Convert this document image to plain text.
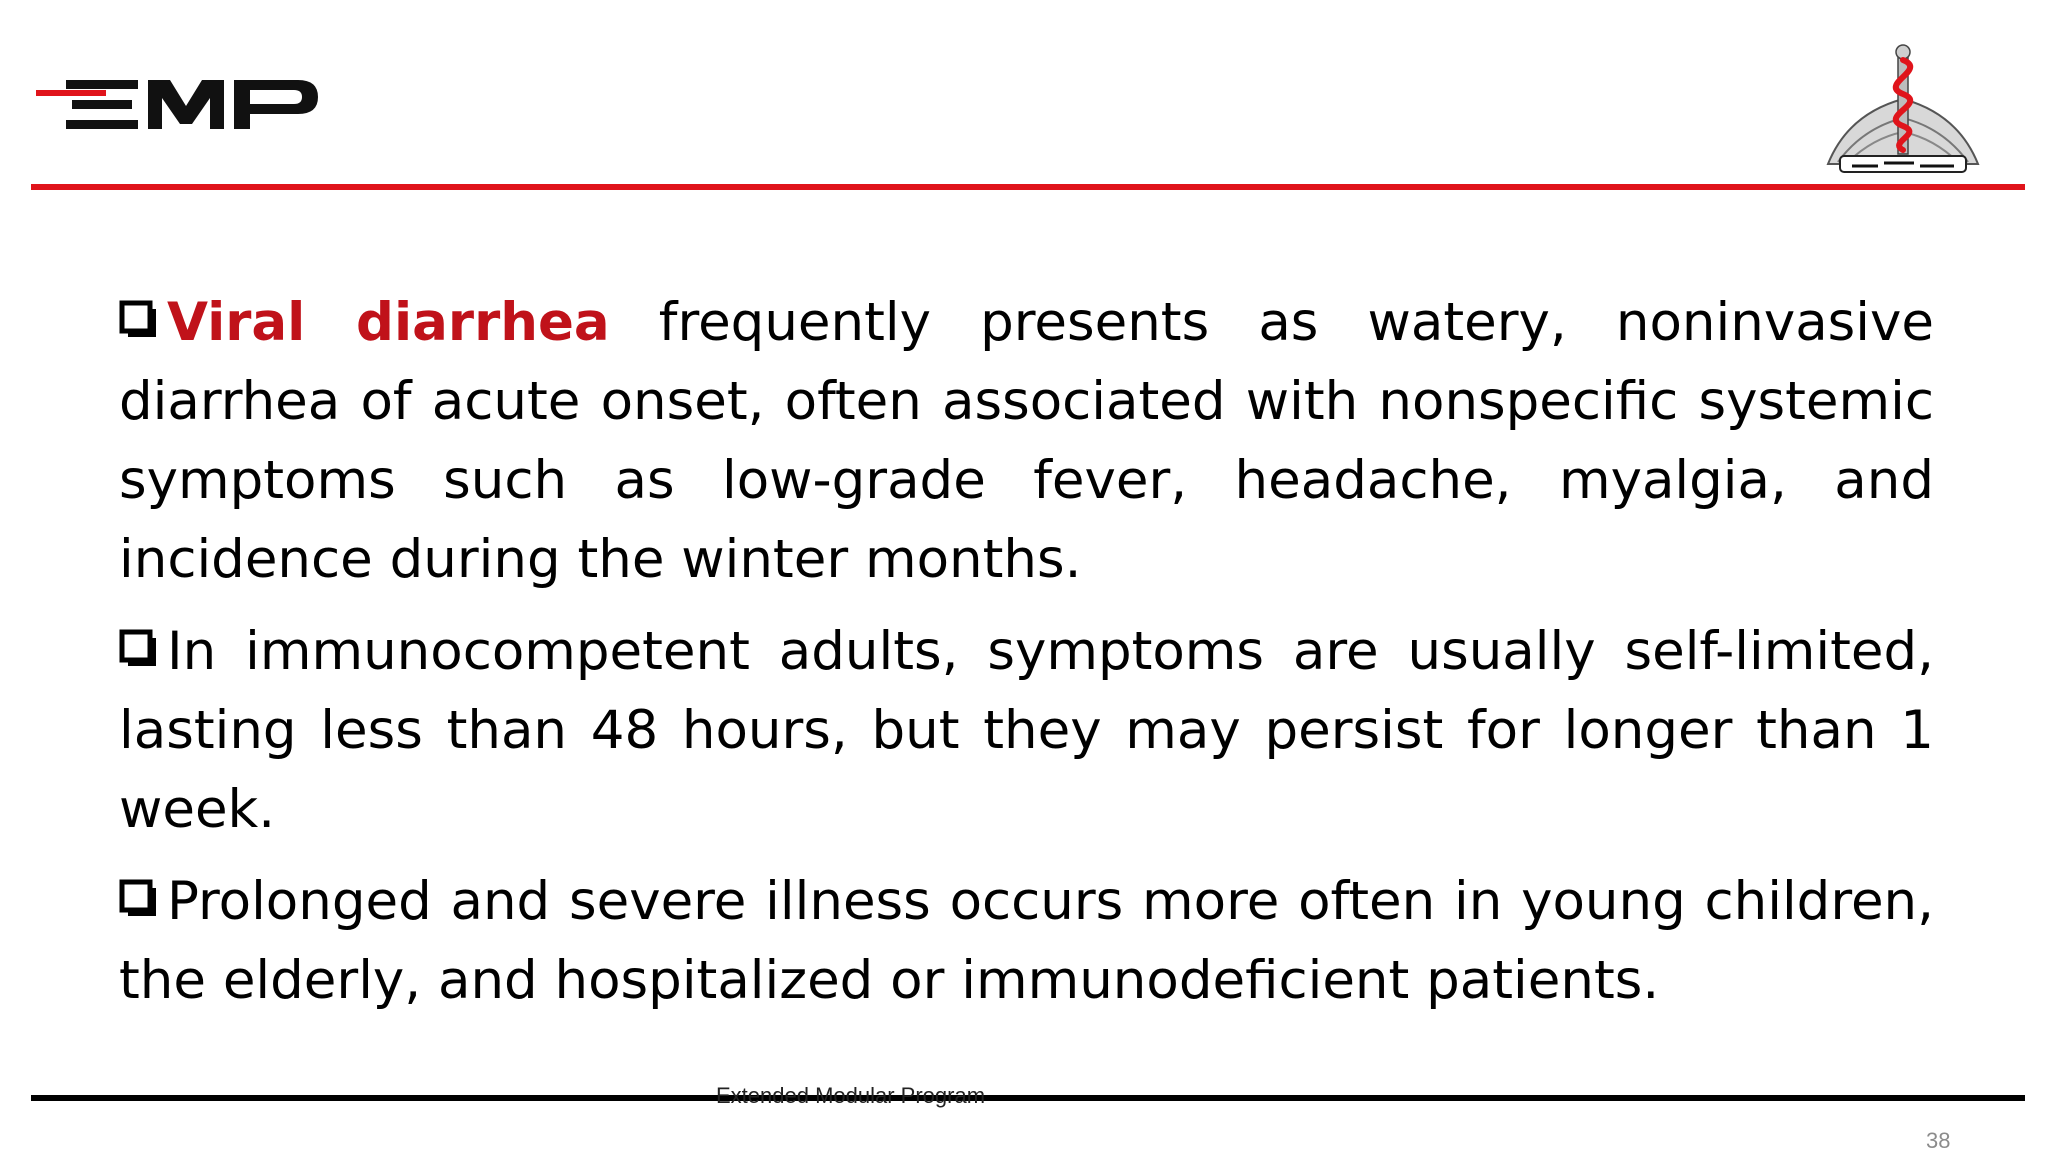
Viral diarrhea frequently presents as watery, noninvasive diarrhea of acute onset, often associated with nonspecific systemic symptoms such as low-grade fever, headache, myalgia, and incidence during the winter months.

In immunocompetent adults, symptoms are usually self-limited, lasting less than 48 hours, but they may persist for longer than 1 week.

Prolonged and severe illness occurs more often in young children, the elderly, and hospitalized or immunodeficient patients.

Extended Modular Program
38
